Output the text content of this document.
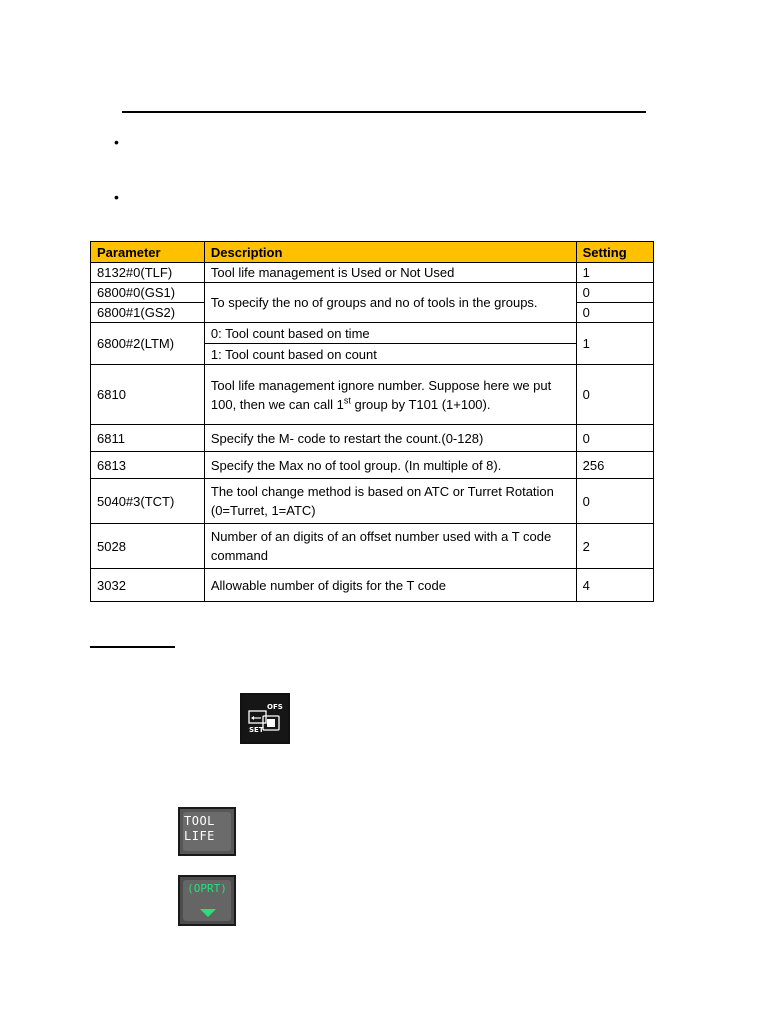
•
•
Parameter	Description	Setting
8132#0(TLF)	Tool life management is Used or Not Used	1
6800#0(GS1)	To specify the no of groups and no of tools in the groups.	0
6800#1(GS2)		0
6800#2(LTM)	0: Tool count based on time	1
	1: Tool count based on count	
6810	Tool life management ignore number. Suppose here we put 100, then we can call 1st group by T101 (1+100).	0
6811	Specify the M- code to restart the count.(0-128)	0
6813	Specify the Max no of tool group. (In multiple of 8).	256
5040#3(TCT)	The tool change method is based on ATC or Turret Rotation (0=Turret, 1=ATC)	0
5028	Number of an digits of an offset number used with a T code command	2
3032	Allowable number of digits for the T code	4
OFS
SET
TOOL
LIFE
(OPRT)
